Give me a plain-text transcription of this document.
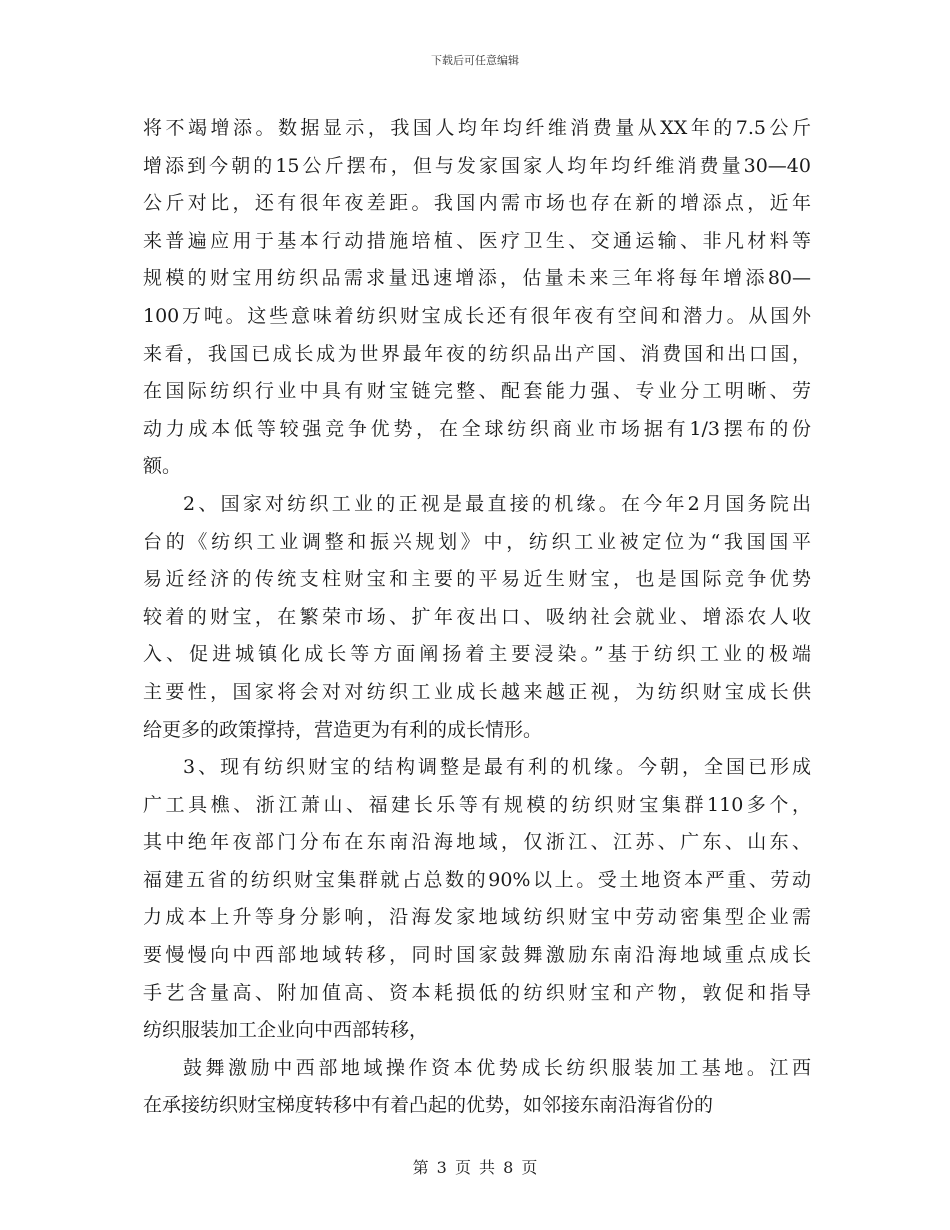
下载后可任意编辑
将不竭增添。数据显示，我国人均年均纤维消费量从XX年的7.5公斤
增添到今朝的15公斤摆布，但与发家国家人均年均纤维消费量30—40
公斤对比，还有很年夜差距。我国内需市场也存在新的增添点，近年
来普遍应用于基本行动措施培植、医疗卫生、交通运输、非凡材料等
规模的财宝用纺织品需求量迅速增添，估量未来三年将每年增添80—
100万吨。这些意味着纺织财宝成长还有很年夜有空间和潜力。从国外
来看，我国已成长成为世界最年夜的纺织品出产国、消费国和出口国，
在国际纺织行业中具有财宝链完整、配套能力强、专业分工明晰、劳
动力成本低等较强竞争优势，在全球纺织商业市场据有1/3摆布的份
额。
2、国家对纺织工业的正视是最直接的机缘。在今年2月国务院出
台的《纺织工业调整和振兴规划》中，纺织工业被定位为“我国国平
易近经济的传统支柱财宝和主要的平易近生财宝，也是国际竞争优势
较着的财宝，在繁荣市场、扩年夜出口、吸纳社会就业、增添农人收
入、促进城镇化成长等方面阐扬着主要浸染。”基于纺织工业的极端
主要性，国家将会对对纺织工业成长越来越正视，为纺织财宝成长供
给更多的政策撑持，营造更为有利的成长情形。
3、现有纺织财宝的结构调整是最有利的机缘。今朝，全国已形成
广工具樵、浙江萧山、福建长乐等有规模的纺织财宝集群110多个，
其中绝年夜部门分布在东南沿海地域，仅浙江、江苏、广东、山东、
福建五省的纺织财宝集群就占总数的90%以上。受土地资本严重、劳动
力成本上升等身分影响，沿海发家地域纺织财宝中劳动密集型企业需
要慢慢向中西部地域转移，同时国家鼓舞激励东南沿海地域重点成长
手艺含量高、附加值高、资本耗损低的纺织财宝和产物，敦促和指导
纺织服装加工企业向中西部转移，
鼓舞激励中西部地域操作资本优势成长纺织服装加工基地。江西
在承接纺织财宝梯度转移中有着凸起的优势，如邻接东南沿海省份的
第 3 页 共 8 页
